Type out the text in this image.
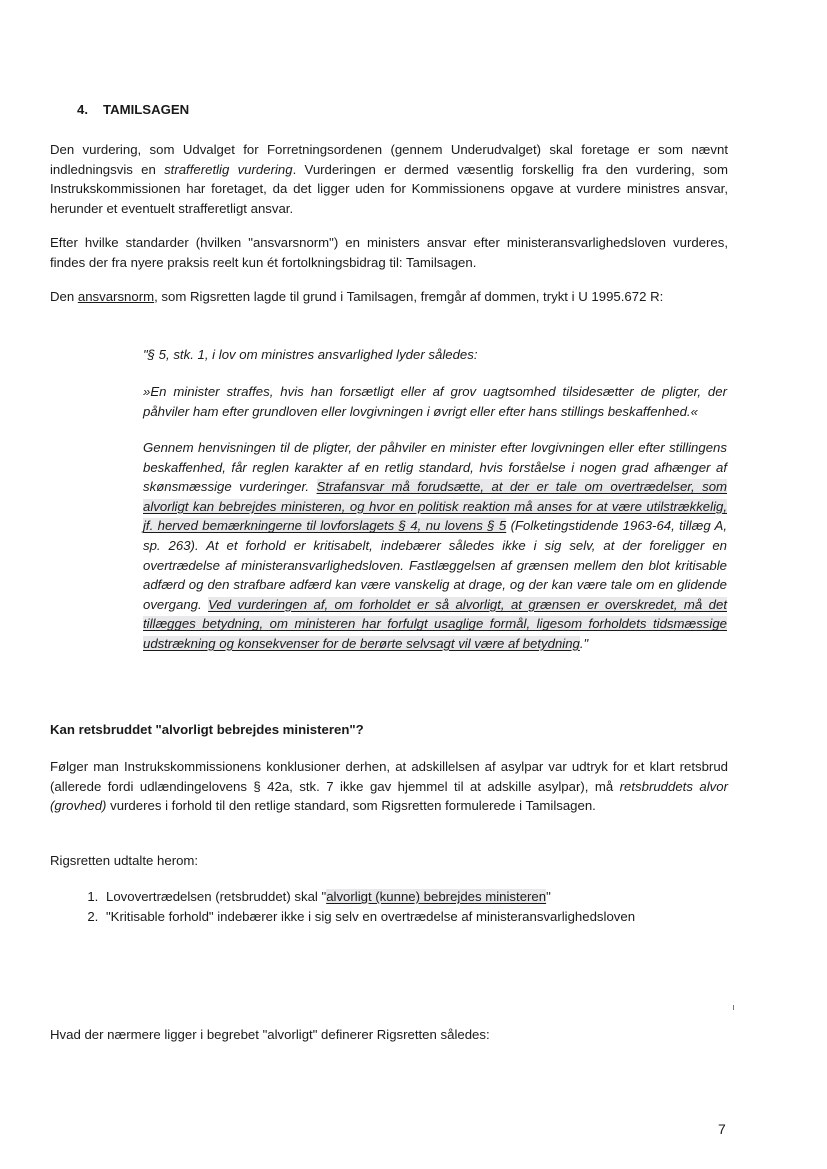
4. TAMILSAGEN

Den vurdering, som Udvalget for Forretningsordenen (gennem Underudvalget) skal foretage er som nævnt indledningsvis en strafferetlig vurdering. Vurderingen er dermed væsentlig forskellig fra den vurdering, som Instrukskommissionen har foretaget, da det ligger uden for Kommissionens opgave at vurdere ministres ansvar, herunder et eventuelt strafferetligt ansvar.

Efter hvilke standarder (hvilken "ansvarsnorm") en ministers ansvar efter ministeransvarlighedsloven vurderes, findes der fra nyere praksis reelt kun ét fortolkningsbidrag til: Tamilsagen.

Den ansvarsnorm, som Rigsretten lagde til grund i Tamilsagen, fremgår af dommen, trykt i U 1995.672 R:

"§ 5, stk. 1, i lov om ministres ansvarlighed lyder således:

»En minister straffes, hvis han forsætligt eller af grov uagtsomhed tilsidesætter de pligter, der påhviler ham efter grundloven eller lovgivningen i øvrigt eller efter hans stillings beskaffenhed.«

Gennem henvisningen til de pligter, der påhviler en minister efter lovgivningen eller efter stillingens beskaffenhed, får reglen karakter af en retlig standard, hvis forståelse i nogen grad afhænger af skønsmæssige vurderinger. Strafansvar må forudsætte, at der er tale om overtrædelser, som alvorligt kan bebrejdes ministeren, og hvor en politisk reaktion må anses for at være utilstrækkelig, jf. herved bemærkningerne til lovforslagets § 4, nu lovens § 5 (Folketingstidende 1963-64, tillæg A, sp. 263). At et forhold er kritisabelt, indebærer således ikke i sig selv, at der foreligger en overtrædelse af ministeransvarlighedsloven. Fastlæggelsen af grænsen mellem den blot kritisable adfærd og den strafbare adfærd kan være vanskelig at drage, og der kan være tale om en glidende overgang. Ved vurderingen af, om forholdet er så alvorligt, at grænsen er overskredet, må det tillægges betydning, om ministeren har forfulgt usaglige formål, ligesom forholdets tidsmæssige udstrækning og konsekvenser for de berørte selvsagt vil være af betydning."

Kan retsbruddet "alvorligt bebrejdes ministeren"?

Følger man Instrukskommissionens konklusioner derhen, at adskillelsen af asylpar var udtryk for et klart retsbrud (allerede fordi udlændingelovens § 42a, stk. 7 ikke gav hjemmel til at adskille asylpar), må retsbruddets alvor (grovhed) vurderes i forhold til den retlige standard, som Rigsretten formulerede i Tamilsagen.

Rigsretten udtalte herom:

1. Lovovertrædelsen (retsbruddet) skal "alvorligt (kunne) bebrejdes ministeren"
2. "Kritisable forhold" indebærer ikke i sig selv en overtrædelse af ministeransvarlighedsloven

Hvad der nærmere ligger i begrebet "alvorligt" definerer Rigsretten således:

7
